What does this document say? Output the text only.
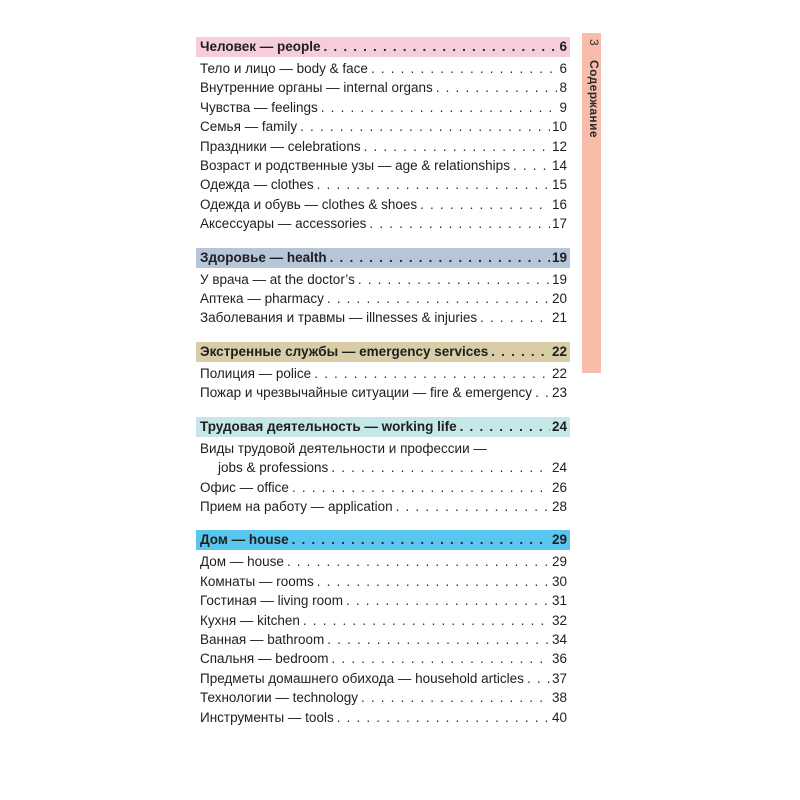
Человек — people . . .	6
Тело и лицо — body & face . . .	6
Внутренние органы — internal organs . . .	8
Чувства — feelings . . .	9
Семья — family . . .	10
Праздники — celebrations . . .	12
Возраст и родственные узы — age & relationships . . .	14
Одежда — clothes . . .	15
Одежда и обувь — clothes & shoes . . .	16
Аксессуары — accessories . . .	17
Здоровье — health . . .	19
У врача — at the doctor’s . . .	19
Аптека — pharmacy . . .	20
Заболевания и травмы — illnesses & injuries . . .	21
Экстренные службы — emergency services . . .	22
Полиция — police . . .	22
Пожар и чрезвычайные ситуации — fire & emergency . . . 23
Трудовая деятельность — working life . . .	24
Виды трудовой деятельности и профессии —
jobs & professions . . .	24
Офис — office . . .	26
Прием на работу — application . . .	28
Дом — house . . .	29
Дом — house . . .	29
Комнаты — rooms . . .	30
Гостиная — living room . . .	31
Кухня — kitchen . . .	32
Ванная — bathroom . . .	34
Спальня — bedroom . . .	36
Предметы домашнего обихода — household articles . . . 37
Технологии — technology . . .	38
Инструменты — tools . . .	40
3Содержание
